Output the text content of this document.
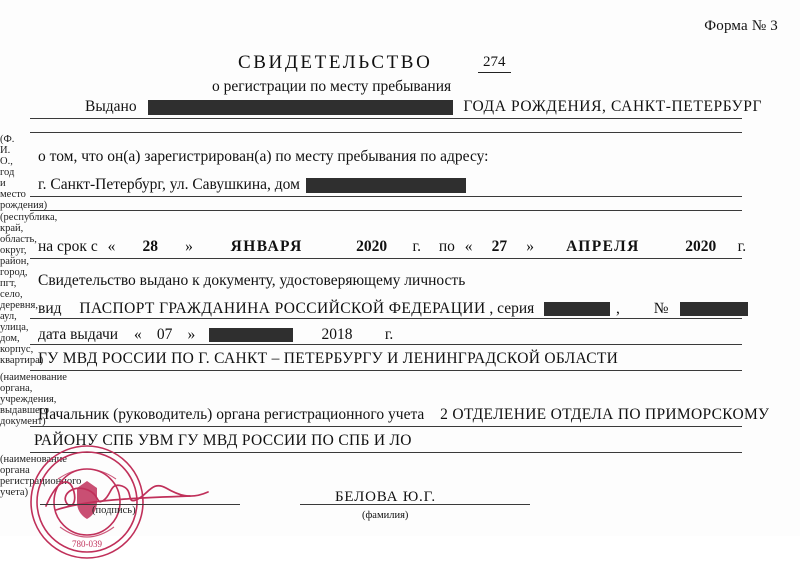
Форма № 3
СВИДЕТЕЛЬСТВО	274
о регистрации по месту пребывания
Выдано	ГОДА РОЖДЕНИЯ, САНКТ-ПЕТЕРБУРГ
(Ф. И. О., год и место рождения)
о том, что он(а) зарегистрирован(а) по месту пребывания по адресу:
г. Санкт-Петербург, ул. Савушкина, дом
(республика, край, область, округ, район, город, пгт, село, деревня, аул, улица, дом, корпус, квартира)
на срок с « 28 » ЯНВАРЯ	2020 г. по « 27 » АПРЕЛЯ	2020 г.
Свидетельство выдано к документу, удостоверяющему личность
вид ПАСПОРТ ГРАЖДАНИНА РОССИЙСКОЙ ФЕДЕРАЦИИ , серия	, №
дата выдачи « 07 »	2018 г.
ГУ МВД РОССИИ ПО Г. САНКТ – ПЕТЕРБУРГУ И ЛЕНИНГРАДСКОЙ ОБЛАСТИ
(наименование органа, учреждения, выдавшего документ)
Начальник (руководитель) органа регистрационного учета 2 ОТДЕЛЕНИЕ ОТДЕЛА ПО ПРИМОРСКОМУ
РАЙОНУ СПБ УВМ ГУ МВД РОССИИ ПО СПБ И ЛО
(наименование органа регистрационного учета)
780-039
(подпись)
БЕЛОВА Ю.Г.
(фамилия)
